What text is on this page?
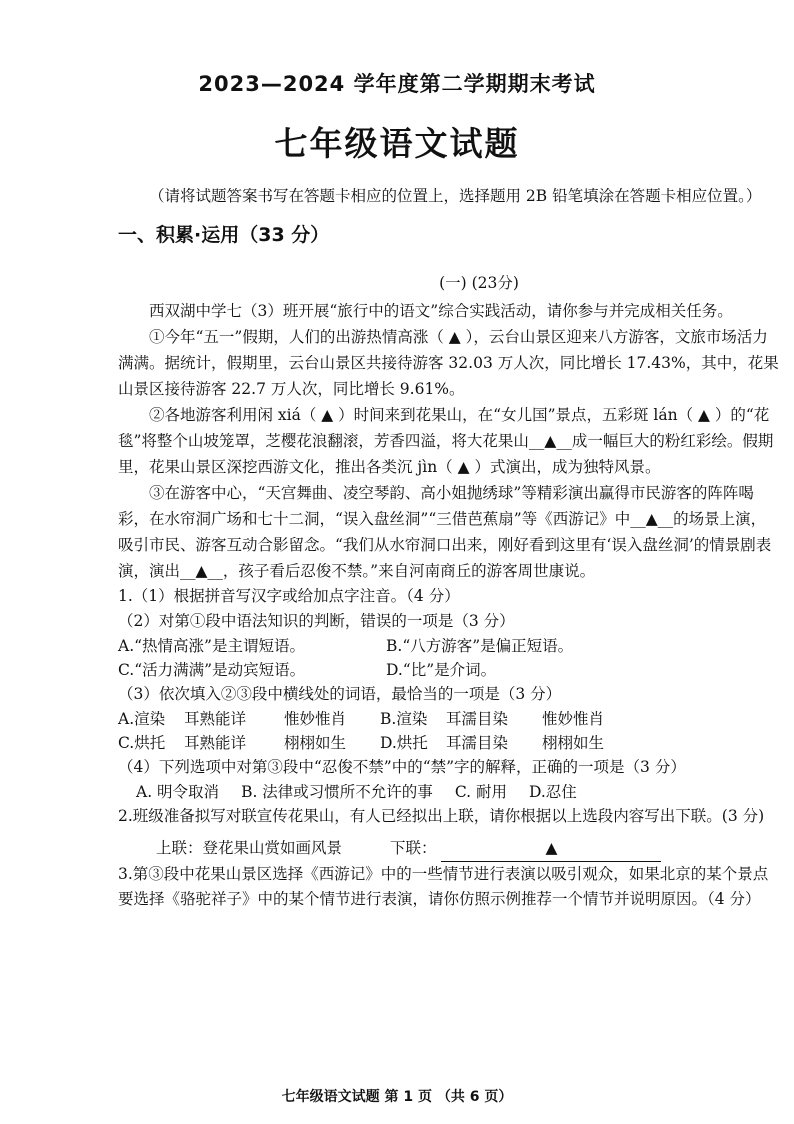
2023—2024 学年度第二学期期末考试
七年级语文试题

（请将试题答案书写在答题卡相应的位置上，选择题用 2B 铅笔填涂在答题卡相应位置。）

一、积累·运用（33 分）

(一) (23分)

西双湖中学七（3）班开展“旅行中的语文”综合实践活动，请你参与并完成相关任务。

①今年“五一”假期，人们的出游热情高涨（ ▲ ），云台山景区迎来八方游客，文旅市场活力满满。据统计，假期里，云台山景区共接待游客 32.03 万人次，同比增长 17.43%，其中，花果山景区接待游客 22.7 万人次，同比增长 9.61%。

②各地游客利用闲 xiá（ ▲ ）时间来到花果山，在“女儿国”景点，五彩斑 lán（ ▲ ）的“花毯”将整个山坡笼罩，芝樱花浪翻滚，芳香四溢，将大花果山__▲__成一幅巨大的粉红彩绘。假期里，花果山景区深挖西游文化，推出各类沉 jìn（ ▲ ）式演出，成为独特风景。

③在游客中心，“天宫舞曲、凌空琴韵、高小姐抛绣球”等精彩演出赢得市民游客的阵阵喝彩，在水帘洞广场和七十二洞，“误入盘丝洞”“三借芭蕉扇”等《西游记》中__▲__的场景上演，吸引市民、游客互动合影留念。“我们从水帘洞口出来，刚好看到这里有‘误入盘丝洞’的情景剧表演，演出__▲__，孩子看后忍俊不禁。”来自河南商丘的游客周世康说。

1.（1）根据拼音写汉字或给加点字注音。（4 分）

（2）对第①段中语法知识的判断，错误的一项是（3 分）

A.“热情高涨”是主谓短语。	B.“八方游客”是偏正短语。
C.“活力满满”是动宾短语。	D.“比”是介词。

（3）依次填入②③段中横线处的词语，最恰当的一项是（3 分）

A.渲染	耳熟能详	惟妙惟肖	B.渲染	耳濡目染	惟妙惟肖
C.烘托	耳熟能详	栩栩如生	D.烘托	耳濡目染	栩栩如生

（4）下列选项中对第③段中“忍俊不禁”中的“禁”字的解释，正确的一项是（3 分）

A. 明令取消 B. 法律或习惯所不允许的事 C. 耐用 D.忍住

2.班级准备拟写对联宣传花果山，有人已经拟出上联，请你根据以上选段内容写出下联。(3 分)

上联：登花果山赏如画风景	下联：	▲

3.第③段中花果山景区选择《西游记》中的一些情节进行表演以吸引观众，如果北京的某个景点要选择《骆驼祥子》中的某个情节进行表演，请你仿照示例推荐一个情节并说明原因。（4 分）

七年级语文试题 第 1 页 （共 6 页）
